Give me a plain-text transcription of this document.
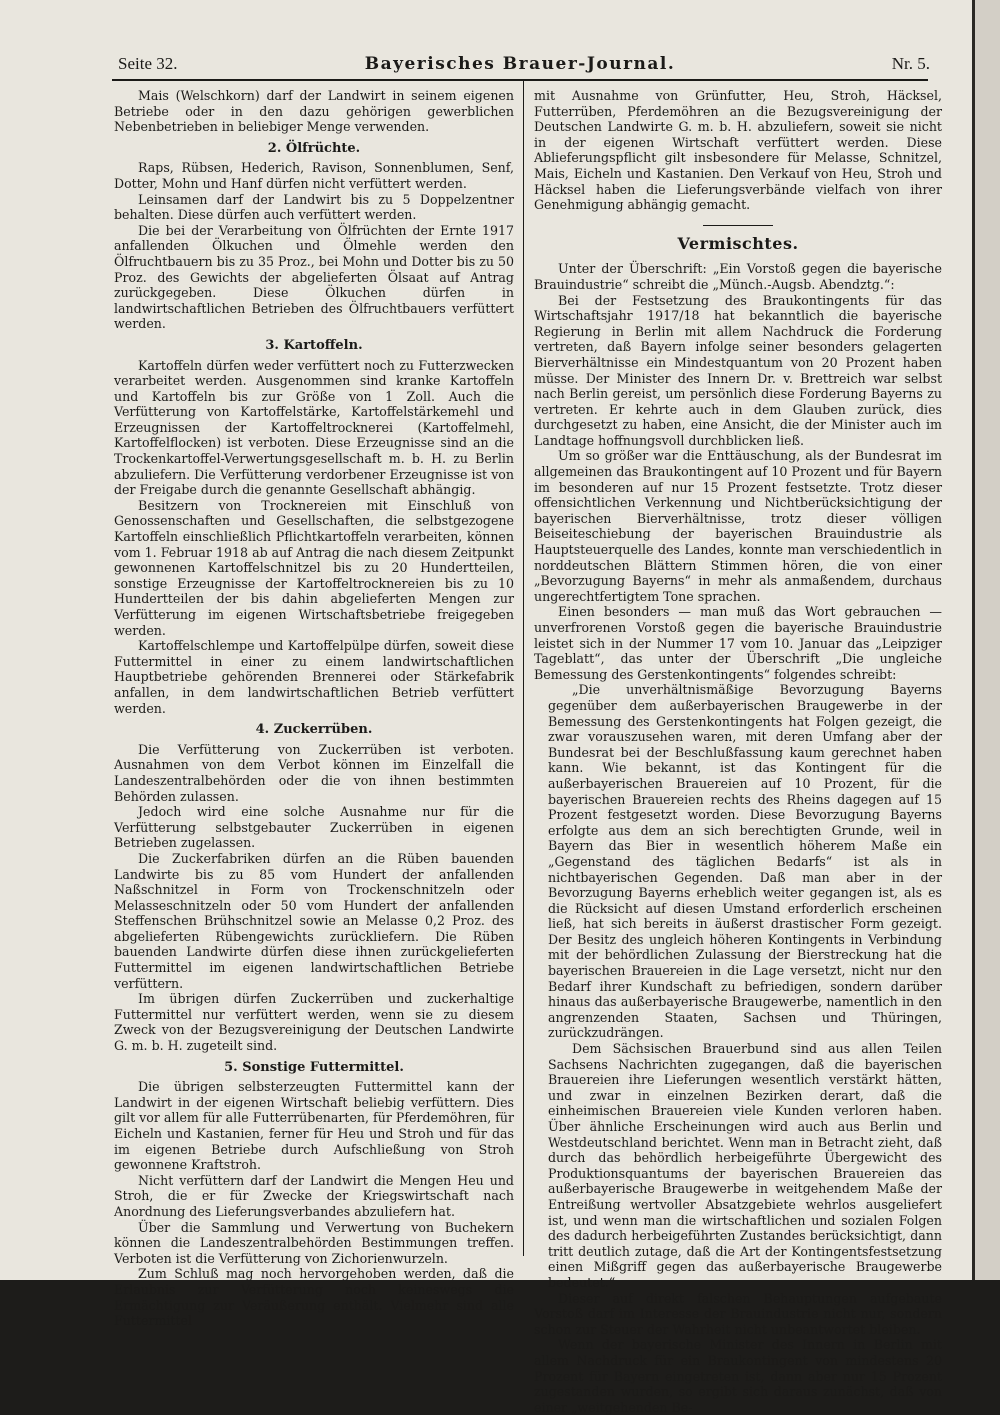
Seite 32.	Bayerisches Brauer-Journal.	Nr. 5.

Mais (Welschkorn) darf der Landwirt in seinem eigenen Betriebe oder in den dazu gehörigen gewerblichen Nebenbetrieben in beliebiger Menge verwenden.

2. Ölfrüchte.

Raps, Rübsen, Hederich, Ravison, Sonnenblumen, Senf, Dotter, Mohn und Hanf dürfen nicht verfüttert werden.

Leinsamen darf der Landwirt bis zu 5 Doppelzentner behalten. Diese dürfen auch verfüttert werden.

Die bei der Verarbeitung von Ölfrüchten der Ernte 1917 anfallenden Ölkuchen und Ölmehle werden den Ölfruchtbauern bis zu 35 Proz., bei Mohn und Dotter bis zu 50 Proz. des Gewichts der abgelieferten Ölsaat auf Antrag zurückgegeben. Diese Ölkuchen dürfen in landwirtschaftlichen Betrieben des Ölfruchtbauers verfüttert werden.

3. Kartoffeln.

Kartoffeln dürfen weder verfüttert noch zu Futterzwecken verarbeitet werden. Ausgenommen sind kranke Kartoffeln und Kartoffeln bis zur Größe von 1 Zoll. Auch die Verfütterung von Kartoffelstärke, Kartoffelstärkemehl und Erzeugnissen der Kartoffeltrocknerei (Kartoffelmehl, Kartoffelflocken) ist verboten. Diese Erzeugnisse sind an die Trockenkartoffel-Verwertungsgesellschaft m. b. H. zu Berlin abzuliefern. Die Verfütterung verdorbener Erzeugnisse ist von der Freigabe durch die genannte Gesellschaft abhängig.

Besitzern von Trocknereien mit Einschluß von Genossenschaften und Gesellschaften, die selbstgezogene Kartoffeln einschließlich Pflichtkartoffeln verarbeiten, können vom 1. Februar 1918 ab auf Antrag die nach diesem Zeitpunkt gewonnenen Kartoffelschnitzel bis zu 20 Hundertteilen, sonstige Erzeugnisse der Kartoffeltrocknereien bis zu 10 Hundertteilen der bis dahin abgelieferten Mengen zur Verfütterung im eigenen Wirtschaftsbetriebe freigegeben werden.

Kartoffelschlempe und Kartoffelpülpe dürfen, soweit diese Futtermittel in einer zu einem landwirtschaftlichen Hauptbetriebe gehörenden Brennerei oder Stärkefabrik anfallen, in dem landwirtschaftlichen Betrieb verfüttert werden.

4. Zuckerrüben.

Die Verfütterung von Zuckerrüben ist verboten. Ausnahmen von dem Verbot können im Einzelfall die Landeszentralbehörden oder die von ihnen bestimmten Behörden zulassen.

Jedoch wird eine solche Ausnahme nur für die Verfütterung selbstgebauter Zuckerrüben in eigenen Betrieben zugelassen.

Die Zuckerfabriken dürfen an die Rüben bauenden Landwirte bis zu 85 vom Hundert der anfallenden Naßschnitzel in Form von Trockenschnitzeln oder Melasseschnitzeln oder 50 vom Hundert der anfallenden Steffenschen Brühschnitzel sowie an Melasse 0,2 Proz. des abgelieferten Rübengewichts zurückliefern. Die Rüben bauenden Landwirte dürfen diese ihnen zurückgelieferten Futtermittel im eigenen landwirtschaftlichen Betriebe verfüttern.

Im übrigen dürfen Zuckerrüben und zuckerhaltige Futtermittel nur verfüttert werden, wenn sie zu diesem Zweck von der Bezugsvereinigung der Deutschen Landwirte G. m. b. H. zugeteilt sind.

5. Sonstige Futtermittel.

Die übrigen selbsterzeugten Futtermittel kann der Landwirt in der eigenen Wirtschaft beliebig verfüttern. Dies gilt vor allem für alle Futterrübenarten, für Pferdemöhren, für Eicheln und Kastanien, ferner für Heu und Stroh und für das im eigenen Betriebe durch Aufschließung von Stroh gewonnene Kraftstroh.

Nicht verfüttern darf der Landwirt die Mengen Heu und Stroh, die er für Zwecke der Kriegswirtschaft nach Anordnung des Lieferungsverbandes abzuliefern hat.

Über die Sammlung und Verwertung von Buchekern können die Landeszentralbehörden Bestimmungen treffen. Verboten ist die Verfütterung von Zichorienwurzeln.

Zum Schluß mag noch hervorgehoben werden, daß die Erlaubnis zur Verfütterung noch keineswegs die Ermächtigung zur Veräußerung enthält. Vielmehr sind alle Futtermittel

mit Ausnahme von Grünfutter, Heu, Stroh, Häcksel, Futterrüben, Pferdemöhren an die Bezugsvereinigung der Deutschen Landwirte G. m. b. H. abzuliefern, soweit sie nicht in der eigenen Wirtschaft verfüttert werden. Diese Ablieferungspflicht gilt insbesondere für Melasse, Schnitzel, Mais, Eicheln und Kastanien. Den Verkauf von Heu, Stroh und Häcksel haben die Lieferungsverbände vielfach von ihrer Genehmigung abhängig gemacht.

Vermischtes.

Unter der Überschrift: „Ein Vorstoß gegen die bayerische Brauindustrie“ schreibt die „Münch.-Augsb. Abendztg.“:

Bei der Festsetzung des Braukontingents für das Wirtschaftsjahr 1917/18 hat bekanntlich die bayerische Regierung in Berlin mit allem Nachdruck die Forderung vertreten, daß Bayern infolge seiner besonders gelagerten Bierverhältnisse ein Mindestquantum von 20 Prozent haben müsse. Der Minister des Innern Dr. v. Brettreich war selbst nach Berlin gereist, um persönlich diese Forderung Bayerns zu vertreten. Er kehrte auch in dem Glauben zurück, dies durchgesetzt zu haben, eine Ansicht, die der Minister auch im Landtage hoffnungsvoll durchblicken ließ.

Um so größer war die Enttäuschung, als der Bundesrat im allgemeinen das Braukontingent auf 10 Prozent und für Bayern im besonderen auf nur 15 Prozent festsetzte. Trotz dieser offensichtlichen Verkennung und Nichtberücksichtigung der bayerischen Bierverhältnisse, trotz dieser völligen Beiseiteschiebung der bayerischen Brauindustrie als Hauptsteuerquelle des Landes, konnte man verschiedentlich in norddeutschen Blättern Stimmen hören, die von einer „Bevorzugung Bayerns“ in mehr als anmaßendem, durchaus ungerechtfertigtem Tone sprachen.

Einen besonders — man muß das Wort gebrauchen — unverfrorenen Vorstoß gegen die bayerische Brauindustrie leistet sich in der Nummer 17 vom 10. Januar das „Leipziger Tageblatt“, das unter der Überschrift „Die ungleiche Bemessung des Gerstenkontingents“ folgendes schreibt:

„Die unverhältnismäßige Bevorzugung Bayerns gegenüber dem außerbayerischen Braugewerbe in der Bemessung des Gerstenkontingents hat Folgen gezeigt, die zwar vorauszusehen waren, mit deren Umfang aber der Bundesrat bei der Beschlußfassung kaum gerechnet haben kann. Wie bekannt, ist das Kontingent für die außerbayerischen Brauereien auf 10 Prozent, für die bayerischen Brauereien rechts des Rheins dagegen auf 15 Prozent festgesetzt worden. Diese Bevorzugung Bayerns erfolgte aus dem an sich berechtigten Grunde, weil in Bayern das Bier in wesentlich höherem Maße ein „Gegenstand des täglichen Bedarfs“ ist als in nichtbayerischen Gegenden. Daß man aber in der Bevorzugung Bayerns erheblich weiter gegangen ist, als es die Rücksicht auf diesen Umstand erforderlich erscheinen ließ, hat sich bereits in äußerst drastischer Form gezeigt. Der Besitz des ungleich höheren Kontingents in Verbindung mit der behördlichen Zulassung der Bierstreckung hat die bayerischen Brauereien in die Lage versetzt, nicht nur den Bedarf ihrer Kundschaft zu befriedigen, sondern darüber hinaus das außerbayerische Braugewerbe, namentlich in den angrenzenden Staaten, Sachsen und Thüringen, zurückzudrängen.

Dem Sächsischen Brauerbund sind aus allen Teilen Sachsens Nachrichten zugegangen, daß die bayerischen Brauereien ihre Lieferungen wesentlich verstärkt hätten, und zwar in einzelnen Bezirken derart, daß die einheimischen Brauereien viele Kunden verloren haben. Über ähnliche Erscheinungen wird auch aus Berlin und Westdeutschland berichtet. Wenn man in Betracht zieht, daß durch das behördlich herbeigeführte Übergewicht des Produktionsquantums der bayerischen Brauereien das außerbayerische Braugewerbe in weitgehendem Maße der Entreißung wertvoller Absatzgebiete wehrlos ausgeliefert ist, und wenn man die wirtschaftlichen und sozialen Folgen des dadurch herbeigeführten Zustandes berücksichtigt, dann tritt deutlich zutage, daß die Art der Kontingentsfestsetzung einen Mißgriff gegen das außerbayerische Braugewerbe bedeutet.“

Dieser auf direkt falschen Behauptungen aufgebaute Vorstoß darf im Interesse der Brauindustrie nicht nur, sondern schon zur Steuer der Wahrheit nicht unbeantwortet bleiben.

Wenn der bayerische Minister des Innern in Berlin mit allem Nachdruck für ein Braukontingent von mindestens 20 Prozent für Bayern eingetreten ist, dann aber nur 15 Prozent zugestanden wurden, so ergibt sich daraus zunächst, daß von einer „weitgehenden Be-
